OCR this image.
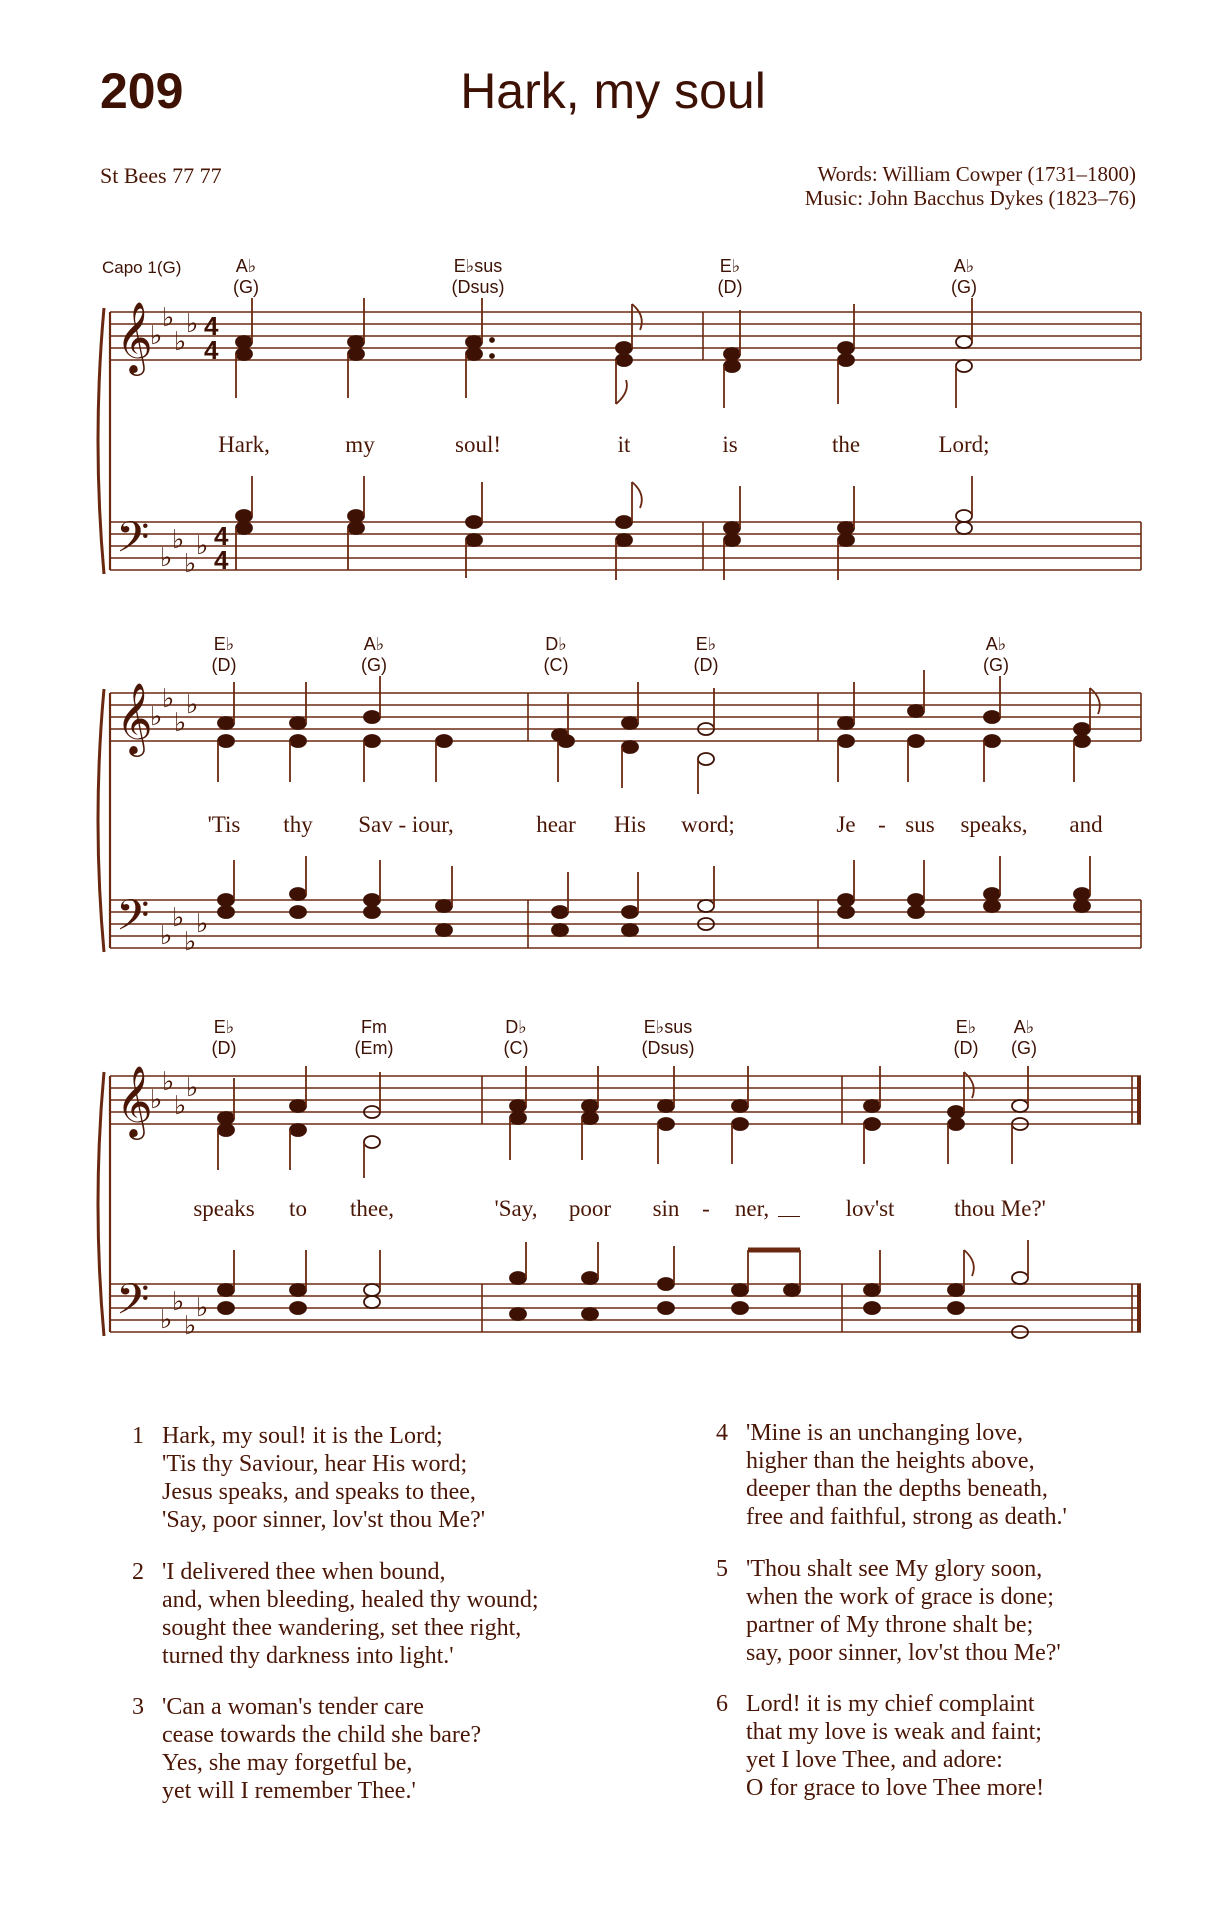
209	Hark, my soul
St Bees 77 77	Words: William Cowper (1731–1800)
Music: John Bacchus Dykes (1823–76)
Capo 1(G)
𝄞
𝄢
𝄞
𝄢
𝄞
𝄢
♭
♭
♭
♭
♭
♭
♭
♭
♭
♭
♭
♭
♭
♭
♭
♭
♭
♭
♭
♭
♭
♭
♭
♭
4
4
4
4
A♭
(G)
E♭sus
(Dsus)
E♭
(D)
A♭
(G)
Hark,	my	soul!	it	is	the	Lord;
E♭
(D)
A♭
(G)
D♭
(C)
E♭
(D)
A♭
(G)
'Tis thy Sav - iour,	hear His word;	Je - sus speaks, and
E♭
(D)
Fm
(Em)
D♭
(C)
E♭sus
(Dsus)
E♭
(D)
A♭
(G)
speaks to thee,	'Say, poor sin - ner,	lov'st	thou Me?'
1 Hark, my soul! it is the Lord;
'Tis thy Saviour, hear His word;
Jesus speaks, and speaks to thee,
'Say, poor sinner, lov'st thou Me?'
2 'I delivered thee when bound,
and, when bleeding, healed thy wound;
sought thee wandering, set thee right,
turned thy darkness into light.'
3 'Can a woman's tender care
cease towards the child she bare?
Yes, she may forgetful be,
yet will I remember Thee.'
4 'Mine is an unchanging love,
higher than the heights above,
deeper than the depths beneath,
free and faithful, strong as death.'
5 'Thou shalt see My glory soon,
when the work of grace is done;
partner of My throne shalt be;
say, poor sinner, lov'st thou Me?'
6 Lord! it is my chief complaint
that my love is weak and faint;
yet I love Thee, and adore:
O for grace to love Thee more!
